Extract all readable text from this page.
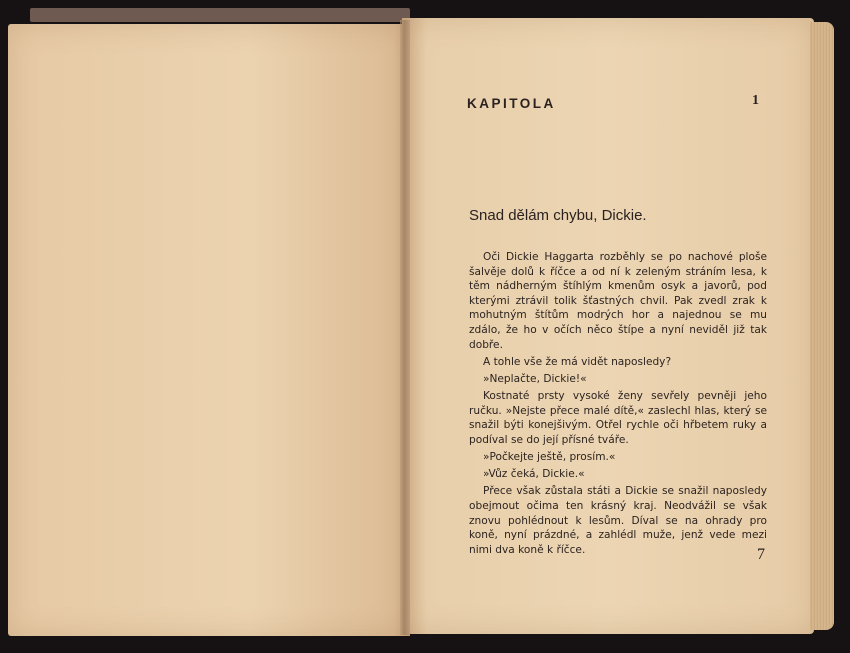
KAPITOLA	1
Snad dělám chybu, Dickie.

Oči Dickie Haggarta rozběhly se po nachové ploše šalvěje dolů k říčce a od ní k zeleným stráním lesa, k těm nádherným štíhlým kmenům osyk a javorů, pod kterými ztrávil tolik šťastných chvil. Pak zvedl zrak k mohutným štítům modrých hor a najednou se mu zdálo, že ho v očích něco štípe a nyní neviděl již tak dobře.

A tohle vše že má vidět naposledy?

»Neplačte, Dickie!«

Kostnaté prsty vysoké ženy sevřely pevněji jeho ručku. »Nejste přece malé dítě,« zaslechl hlas, který se snažil býti konejšivým. Otřel rychle oči hřbetem ruky a podíval se do její přísné tváře.

»Počkejte ještě, prosím.«

»Vůz čeká, Dickie.«

Přece však zůstala státi a Dickie se snažil naposledy obejmout očima ten krásný kraj. Neodvážil se však znovu pohlédnout k lesům. Díval se na ohrady pro koně, nyní prázdné, a zahlédl muže, jenž vede mezi nimi dva koně k říčce.	7
